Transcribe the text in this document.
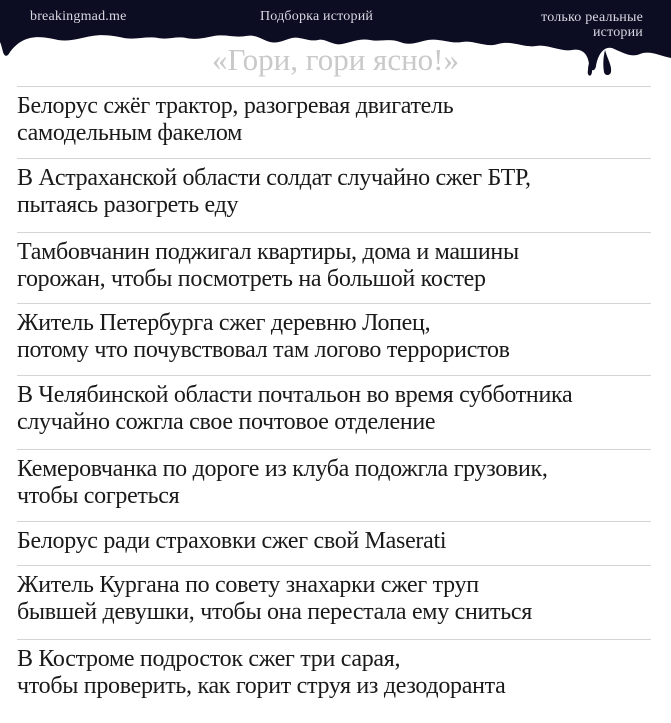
breakingmad.me	Подборка историй	только реальные
истории
«Гори, гори ясно!»
Белорус сжёг трактор, разогревая двигатель
самодельным факелом
В Астраханской области солдат случайно сжег БТР,
пытаясь разогреть еду
Тамбовчанин поджигал квартиры, дома и машины
горожан, чтобы посмотреть на большой костер
Житель Петербурга сжег деревню Лопец,
потому что почувствовал там логово террористов
В Челябинской области почтальон во время субботника
случайно сожгла свое почтовое отделение
Кемеровчанка по дороге из клуба подожгла грузовик,
чтобы согреться
Белорус ради страховки сжег свой Maserati
Житель Кургана по совету знахарки сжег труп
бывшей девушки, чтобы она перестала ему сниться
В Костроме подросток сжег три сарая,
чтобы проверить, как горит струя из дезодоранта
